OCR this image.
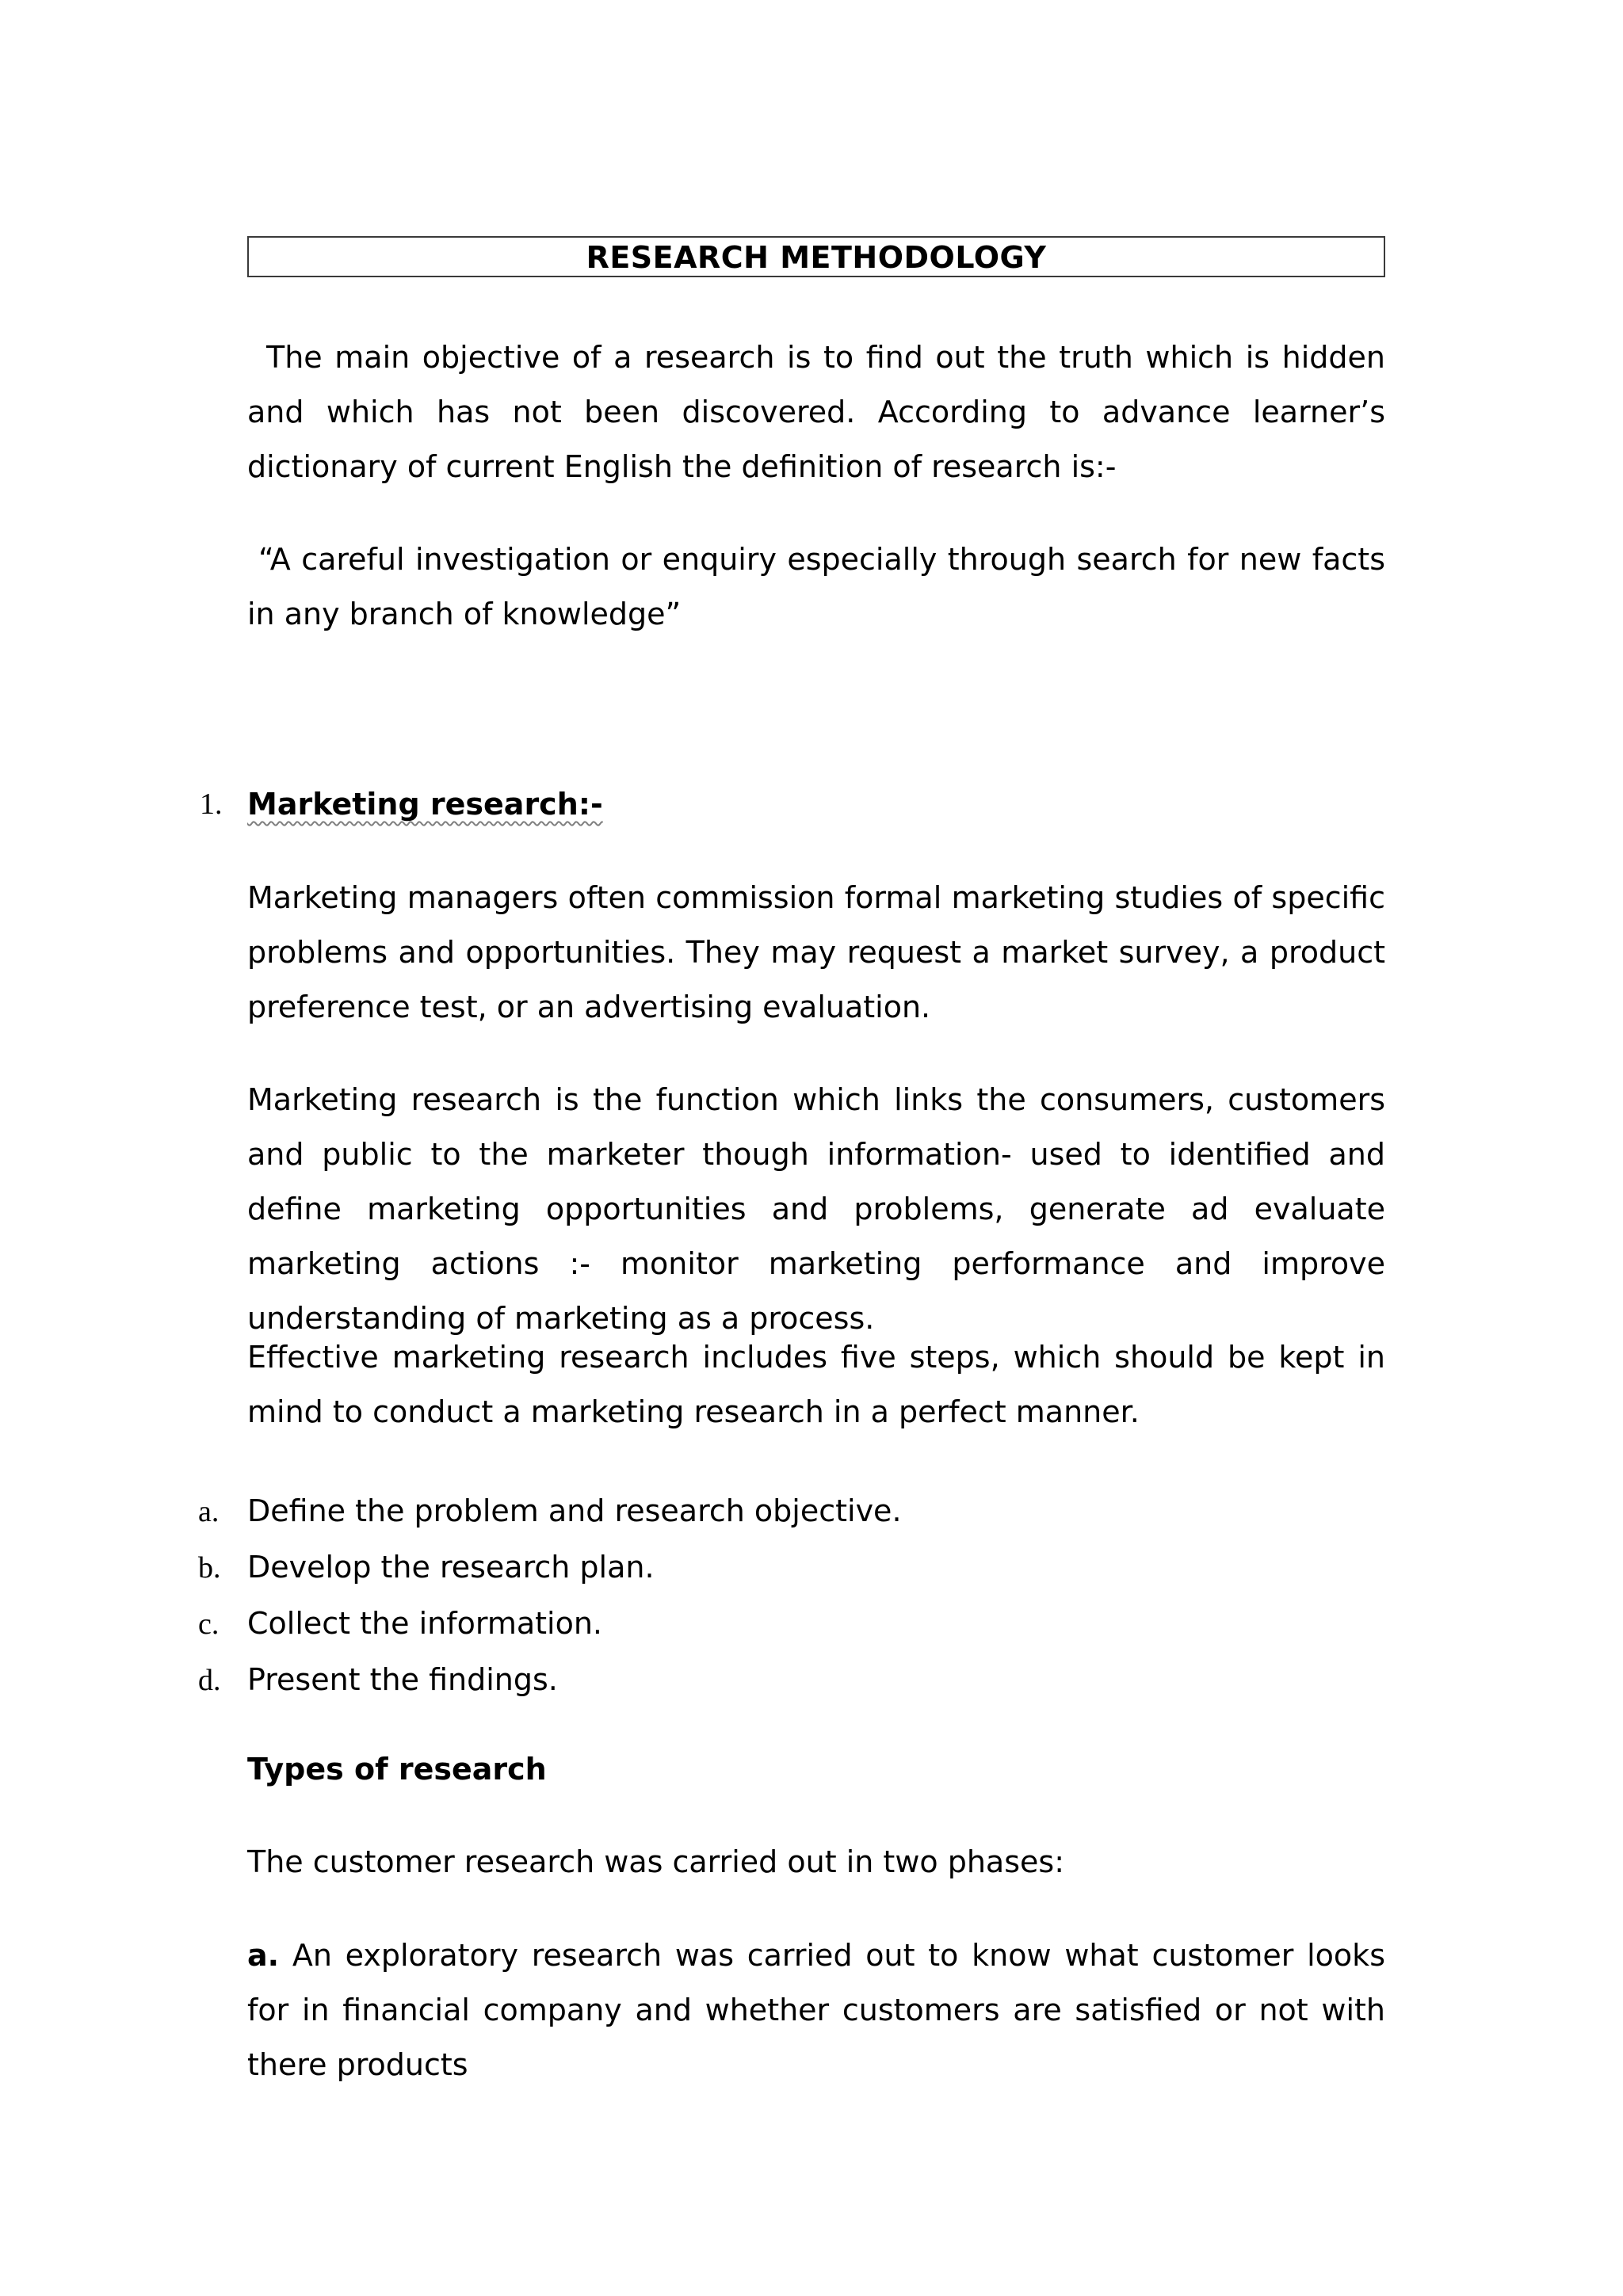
RESEARCH METHODOLOGY

The main objective of a research is to find out the truth which is hidden and which has not been discovered. According to advance learner’s dictionary of current English the definition of research is:-

“A careful investigation or enquiry especially through search for new facts in any branch of knowledge”

1. Marketing research:-

Marketing managers often commission formal marketing studies of specific problems and opportunities. They may request a market survey, a product preference test, or an advertising evaluation.

Marketing research is the function which links the consumers, customers and public to the marketer though information- used to identified and define marketing opportunities and problems, generate ad evaluate marketing actions :- monitor marketing performance and improve understanding of marketing as a process.

Effective marketing research includes five steps, which should be kept in mind to conduct a marketing research in a perfect manner.

a. Define the problem and research objective.
b. Develop the research plan.
c. Collect the information.
d. Present the findings.
Types of research

The customer research was carried out in two phases:

a. An exploratory research was carried out to know what customer looks for in financial company and whether customers are satisfied or not with there products
